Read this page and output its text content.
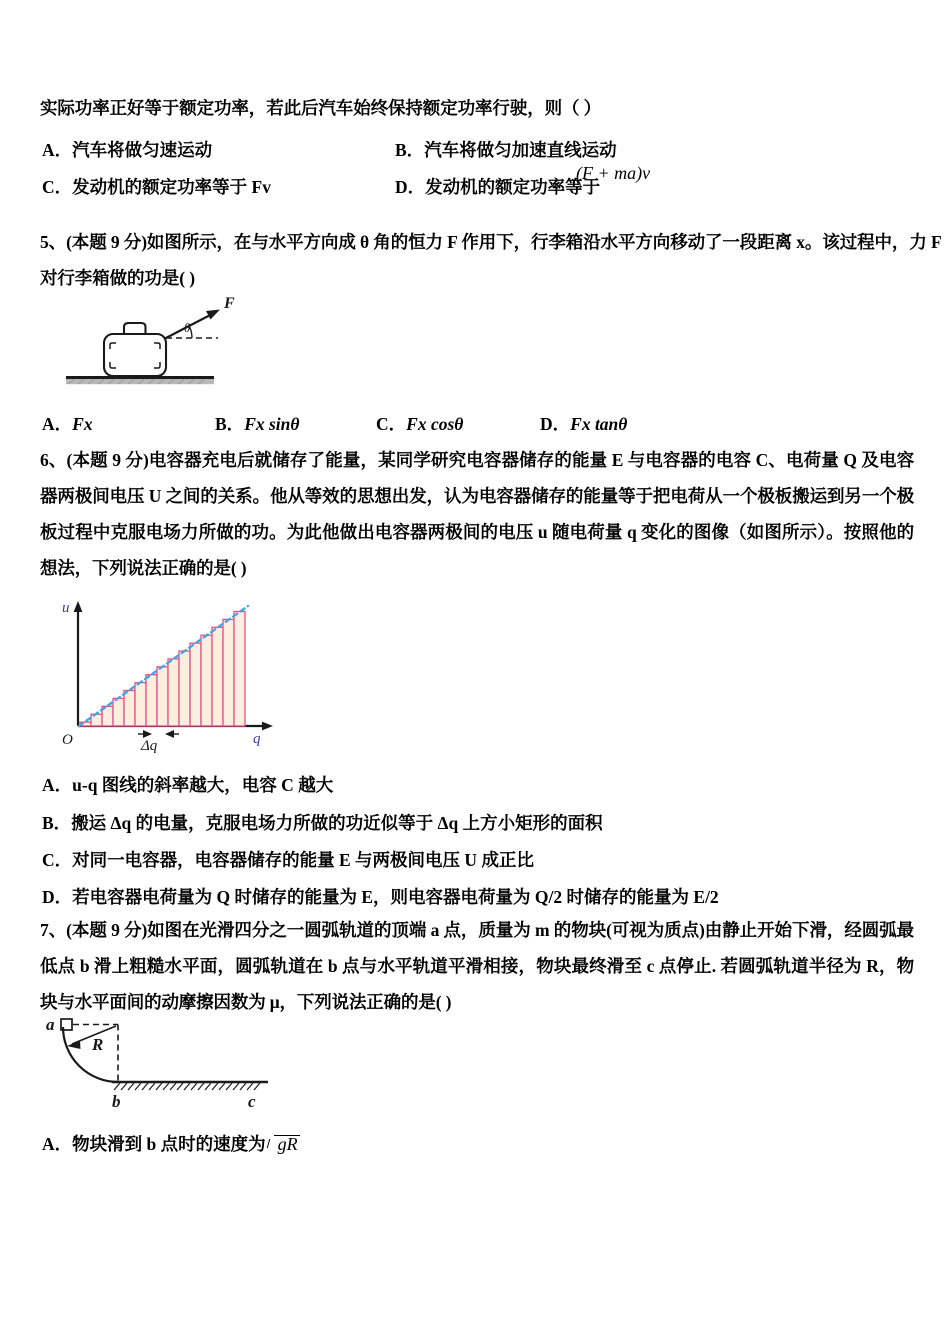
实际功率正好等于额定功率，若此后汽车始终保持额定功率行驶，则（ ）
A．汽车将做匀速运动	B．汽车将做匀加速直线运动
C．发动机的额定功率等于 Fv	D．发动机的额定功率等于
(F + ma)v
5、(本题 9 分)如图所示，在与水平方向成 θ 角的恒力 F 作用下，行李箱沿水平方向移动了一段距离 x。该过程中，力 F
对行李箱做的功是( )
θ
F
A．Fx	B．Fx sinθ	C．Fx cosθ	D．Fx tanθ
6、(本题 9 分)电容器充电后就储存了能量，某同学研究电容器储存的能量 E 与电容器的电容 C、电荷量 Q 及电容器两极间电压 U 之间的关系。他从等效的思想出发，认为电容器储存的能量等于把电荷从一个极板搬运到另一个极板过程中克服电场力所做的功。为此他做出电容器两极间的电压 u 随电荷量 q 变化的图像（如图所示）。按照他的想法，下列说法正确的是( )
u
q
O	Δq
A．u-q 图线的斜率越大，电容 C 越大
B．搬运 Δq 的电量，克服电场力所做的功近似等于 Δq 上方小矩形的面积
C．对同一电容器，电容器储存的能量 E 与两极间电压 U 成正比
D．若电容器电荷量为 Q 时储存的能量为 E，则电容器电荷量为 Q/2 时储存的能量为 E/2
7、(本题 9 分)如图在光滑四分之一圆弧轨道的顶端 a 点，质量为 m 的物块(可视为质点)由静止开始下滑，经圆弧最低点 b 滑上粗糙水平面，圆弧轨道在 b 点与水平轨道平滑相接，物块最终滑至 c 点停止. 若圆弧轨道半径为 R，物块与水平面间的动摩擦因数为 μ，下列说法正确的是( )
R
a
b	c
A．物块滑到 b 点时的速度为 gR
